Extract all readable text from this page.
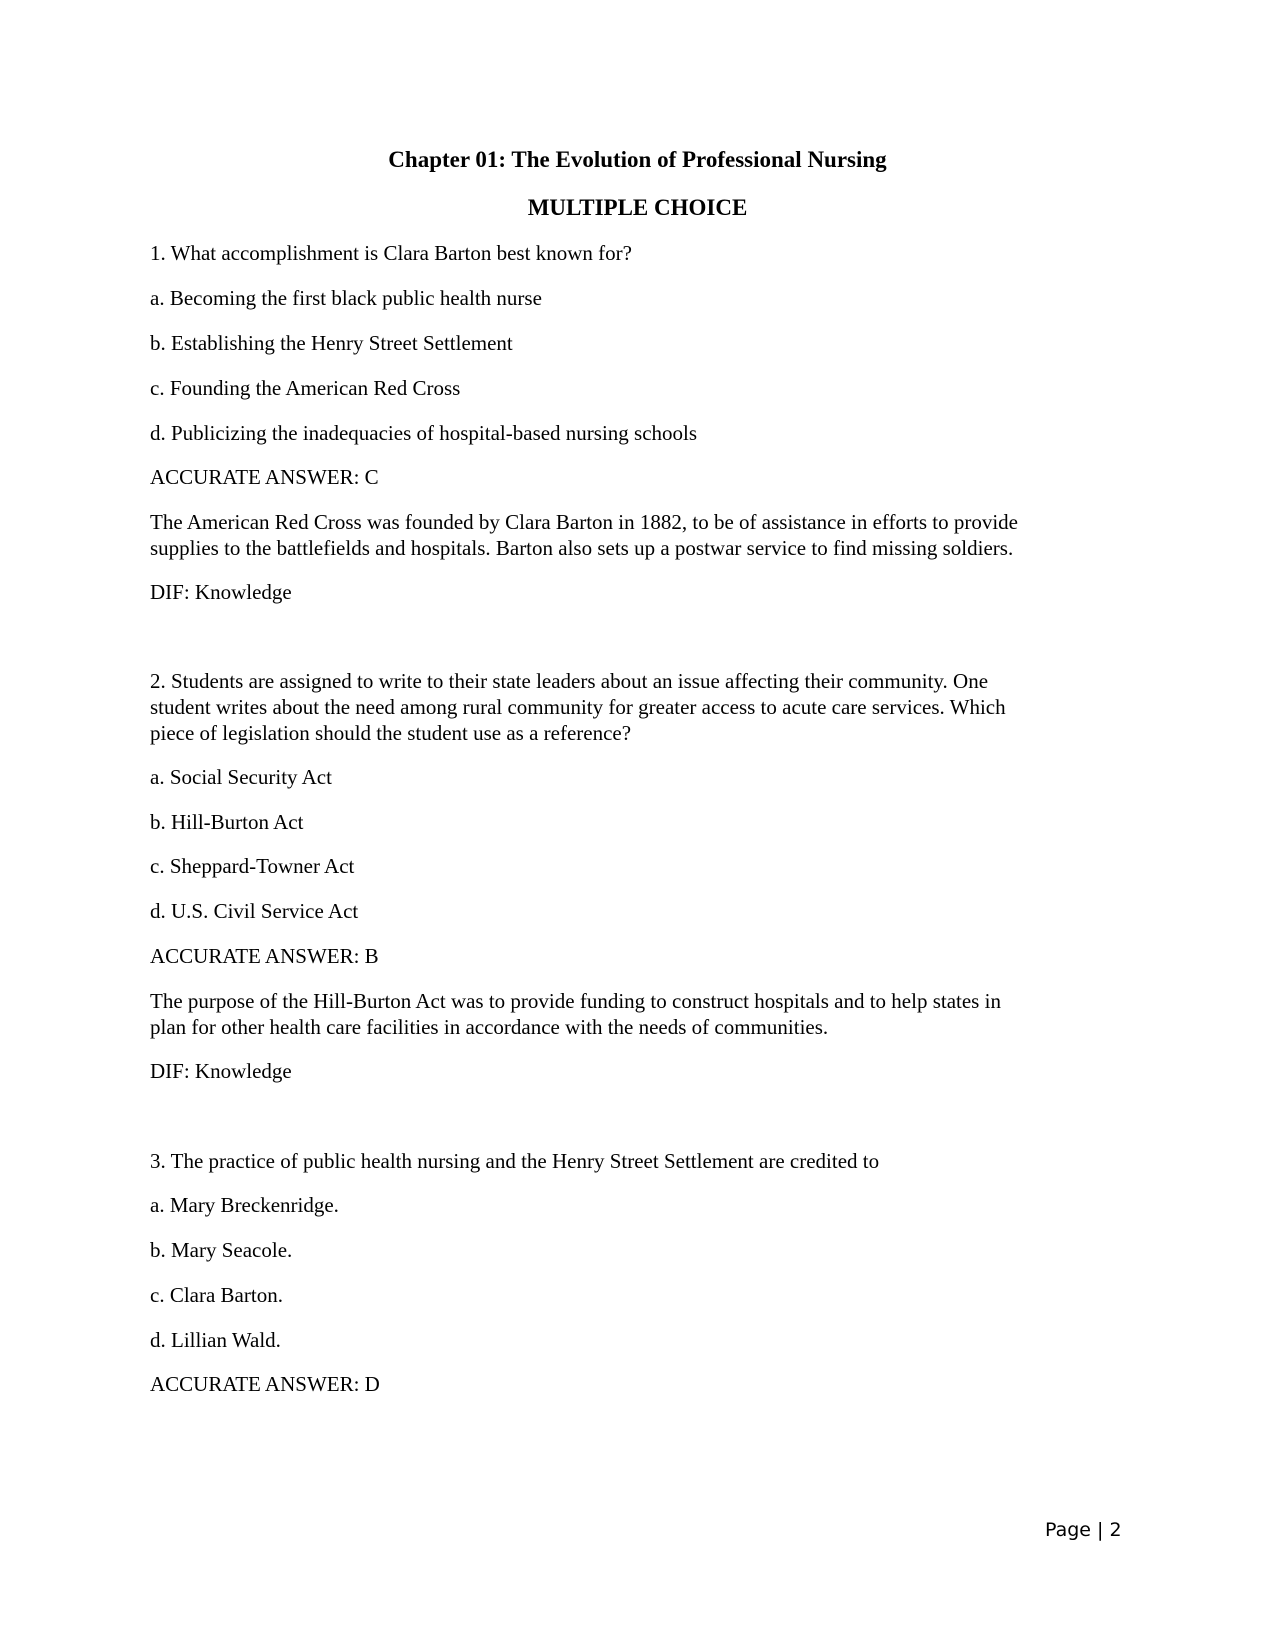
Chapter 01: The Evolution of Professional Nursing
MULTIPLE CHOICE
1. What accomplishment is Clara Barton best known for?
a. Becoming the first black public health nurse
b. Establishing the Henry Street Settlement
c. Founding the American Red Cross
d. Publicizing the inadequacies of hospital-based nursing schools
ACCURATE ANSWER: C
The American Red Cross was founded by Clara Barton in 1882, to be of assistance in efforts to provide
supplies to the battlefields and hospitals. Barton also sets up a postwar service to find missing soldiers.
DIF: Knowledge
2. Students are assigned to write to their state leaders about an issue affecting their community. One
student writes about the need among rural community for greater access to acute care services. Which
piece of legislation should the student use as a reference?
a. Social Security Act
b. Hill-Burton Act
c. Sheppard-Towner Act
d. U.S. Civil Service Act
ACCURATE ANSWER: B
The purpose of the Hill-Burton Act was to provide funding to construct hospitals and to help states in
plan for other health care facilities in accordance with the needs of communities.
DIF: Knowledge
3. The practice of public health nursing and the Henry Street Settlement are credited to
a. Mary Breckenridge.
b. Mary Seacole.
c. Clara Barton.
d. Lillian Wald.
ACCURATE ANSWER: D
Page | 2
